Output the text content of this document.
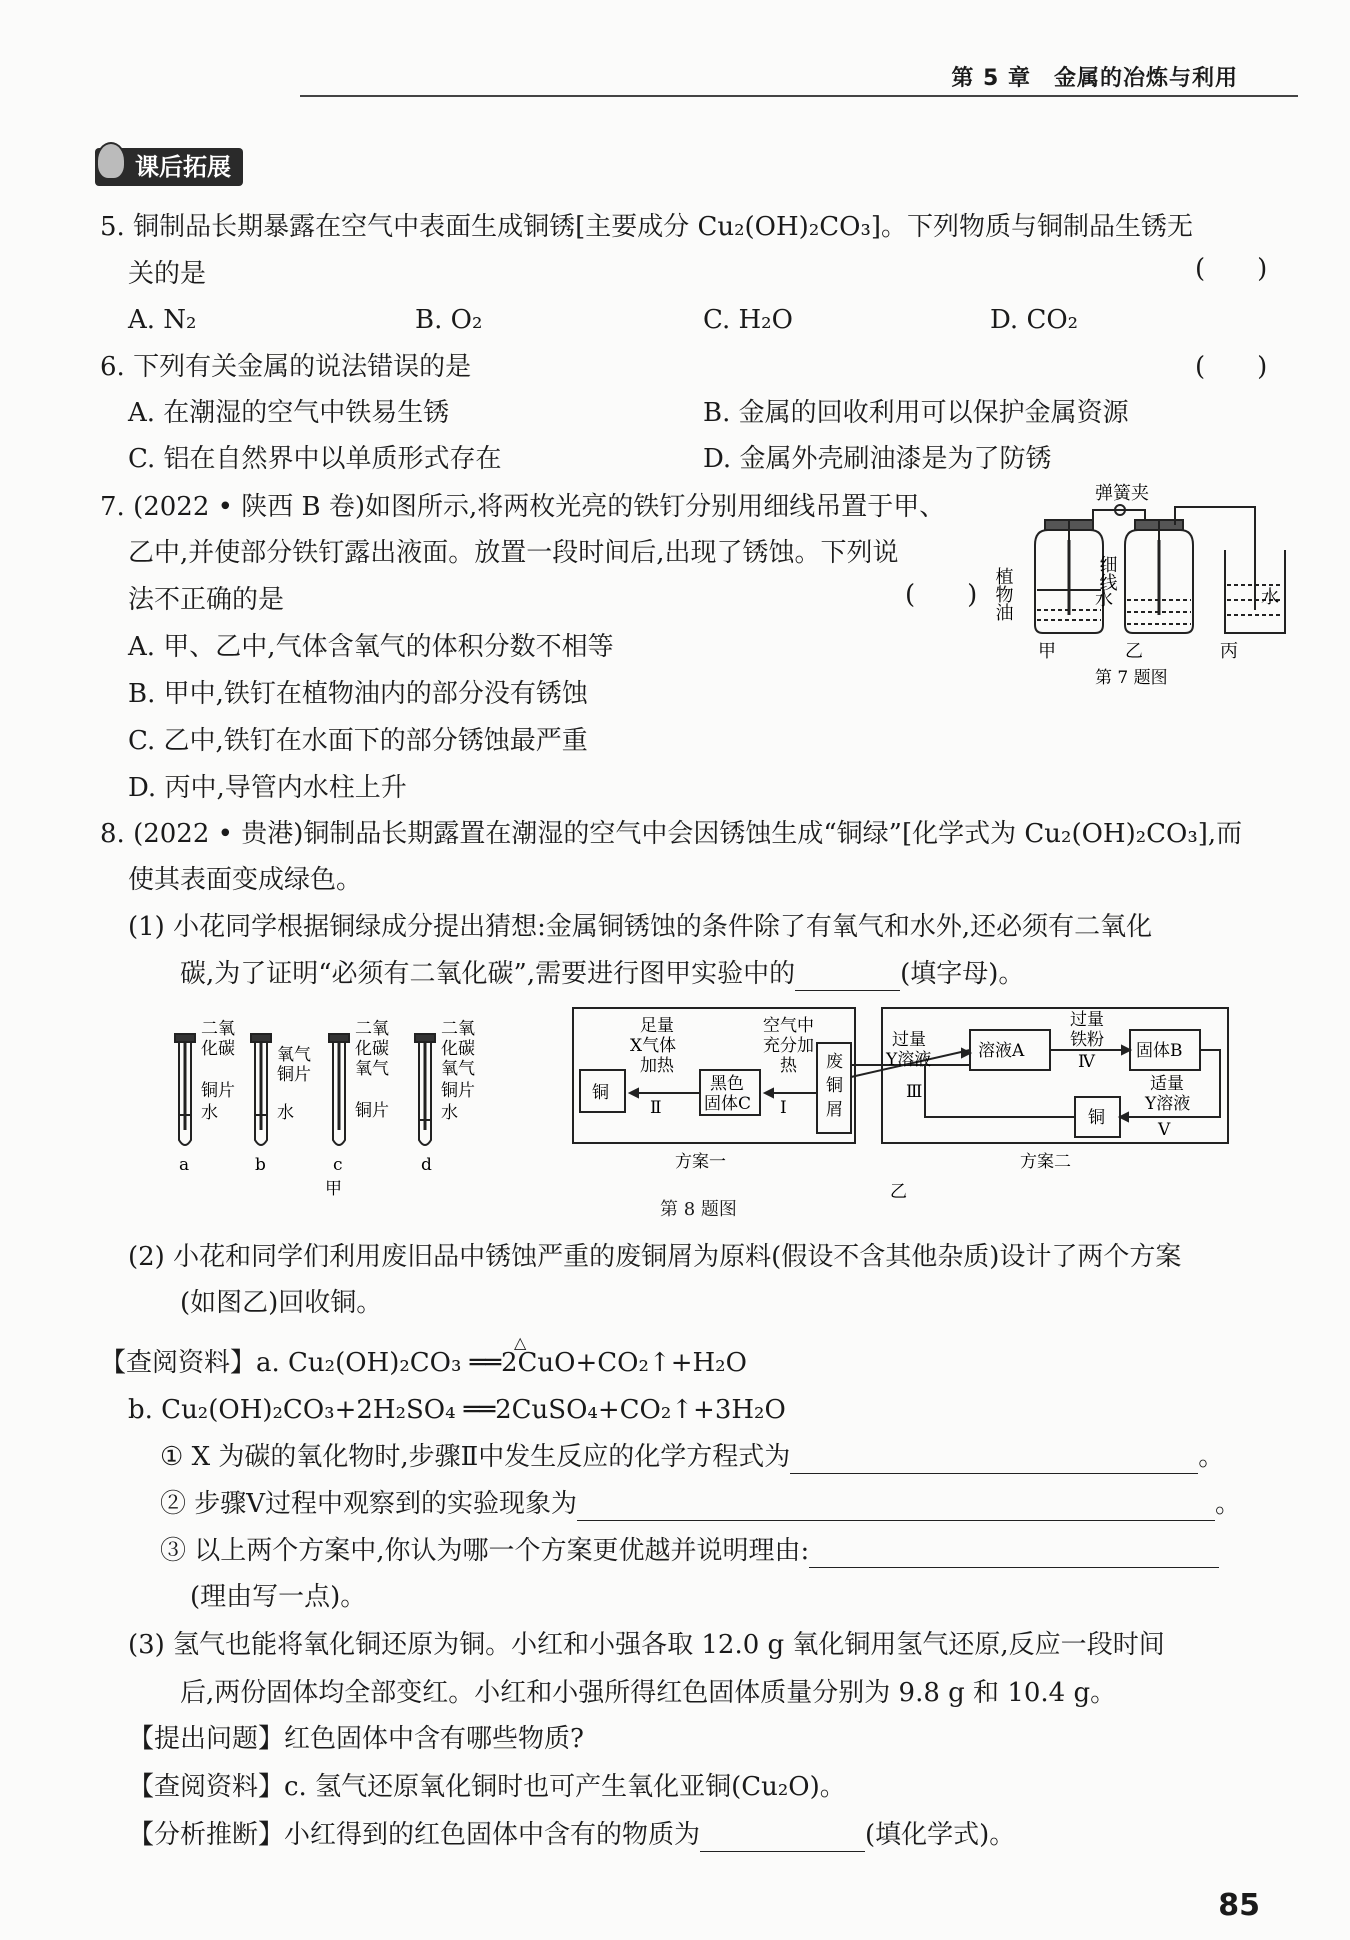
第 5 章　金属的冶炼与利用
课后拓展
5. 铜制品长期暴露在空气中表面生成铜锈[主要成分 Cu₂(OH)₂CO₃]。下列物质与铜制品生锈无
关的是	(　　)
A. N₂	B. O₂	C. H₂O	D. CO₂
6. 下列有关金属的说法错误的是	(　　)
A. 在潮湿的空气中铁易生锈	B. 金属的回收利用可以保护金属资源
C. 铝在自然界中以单质形式存在	D. 金属外壳刷油漆是为了防锈
7. (2022 • 陕西 B 卷)如图所示,将两枚光亮的铁钉分别用细线吊置于甲、
乙中,并使部分铁钉露出液面。放置一段时间后,出现了锈蚀。下列说
法不正确的是	(　　)
A. 甲、乙中,气体含氧气的体积分数不相等
B. 甲中,铁钉在植物油内的部分没有锈蚀
C. 乙中,铁钉在水面下的部分锈蚀最严重
D. 丙中,导管内水柱上升
弹簧夹
植物油	细线
水	水
甲	乙	丙
第 7 题图
8. (2022 • 贵港)铜制品长期露置在潮湿的空气中会因锈蚀生成“铜绿”[化学式为 Cu₂(OH)₂CO₃],而
使其表面变成绿色。
(1) 小花同学根据铜绿成分提出猜想:金属铜锈蚀的条件除了有氧气和水外,还必须有二氧化
碳,为了证明“必须有二氧化碳”,需要进行图甲实验中的	(填字母)。
二氧
化碳
铜片
水
氧气
铜片
水
二氧
化碳
氧气
铜片
二氧
化碳
氧气
铜片
水
a	b	c	d
甲
铜
足量
X气体
加热
Ⅱ
黑色
固体C
空气中
充分加
热
Ⅰ
废
铜
屑
过量
Y溶液
Ⅲ
溶液A
过量
铁粉
Ⅳ
固体B
适量
Y溶液
Ⅴ
铜
方案一	方案二
乙
第 8 题图
(2) 小花和同学们利用废旧品中锈蚀严重的废铜屑为原料(假设不含其他杂质)设计了两个方案
(如图乙)回收铜。
【查阅资料】a. Cu₂(OH)₂CO₃ ══2CuO+CO₂↑+H₂O
△
b. Cu₂(OH)₂CO₃+2H₂SO₄ ══2CuSO₄+CO₂↑+3H₂O
① X 为碳的氧化物时,步骤Ⅱ中发生反应的化学方程式为	。
② 步骤Ⅴ过程中观察到的实验现象为	。
③ 以上两个方案中,你认为哪一个方案更优越并说明理由:
(理由写一点)。
(3) 氢气也能将氧化铜还原为铜。小红和小强各取 12.0 g 氧化铜用氢气还原,反应一段时间
后,两份固体均全部变红。小红和小强所得红色固体质量分别为 9.8 g 和 10.4 g。
【提出问题】红色固体中含有哪些物质?
【查阅资料】c. 氢气还原氧化铜时也可产生氧化亚铜(Cu₂O)。
【分析推断】小红得到的红色固体中含有的物质为	(填化学式)。
85
